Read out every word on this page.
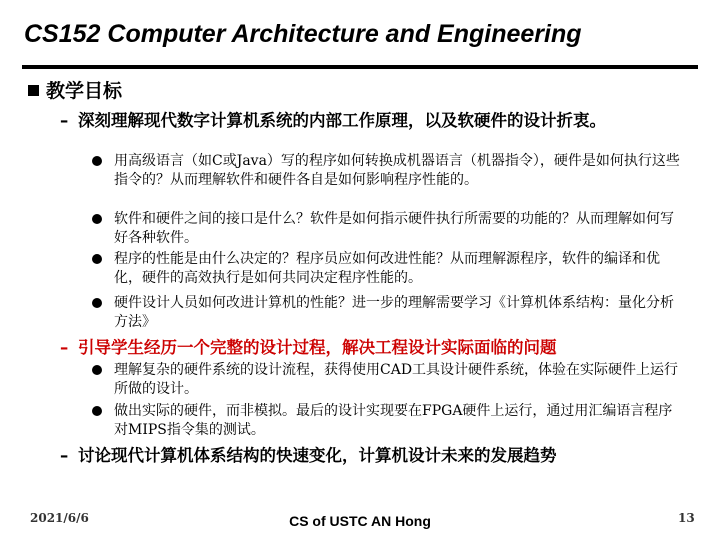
CS152 Computer Architecture and Engineering
教学目标
– 深刻理解现代数字计算机系统的内部工作原理，以及软硬件的设计折衷。
用高级语言（如C或Java）写的程序如何转换成机器语言（机器指令），硬件是如何执行这些指令的？从而理解软件和硬件各自是如何影响程序性能的。
软件和硬件之间的接口是什么？软件是如何指示硬件执行所需要的功能的？从而理解如何写好各种软件。
程序的性能是由什么决定的？程序员应如何改进性能？从而理解源程序，软件的编译和优化，硬件的高效执行是如何共同决定程序性能的。
硬件设计人员如何改进计算机的性能？进一步的理解需要学习《计算机体系结构：量化分析方法》
– 引导学生经历一个完整的设计过程，解决工程设计实际面临的问题
理解复杂的硬件系统的设计流程，获得使用CAD工具设计硬件系统，体验在实际硬件上运行所做的设计。
做出实际的硬件，而非模拟。最后的设计实现要在FPGA硬件上运行，通过用汇编语言程序对MIPS指令集的测试。
– 讨论现代计算机体系结构的快速变化，计算机设计未来的发展趋势
2021/6/6	CS of USTC AN Hong	13
